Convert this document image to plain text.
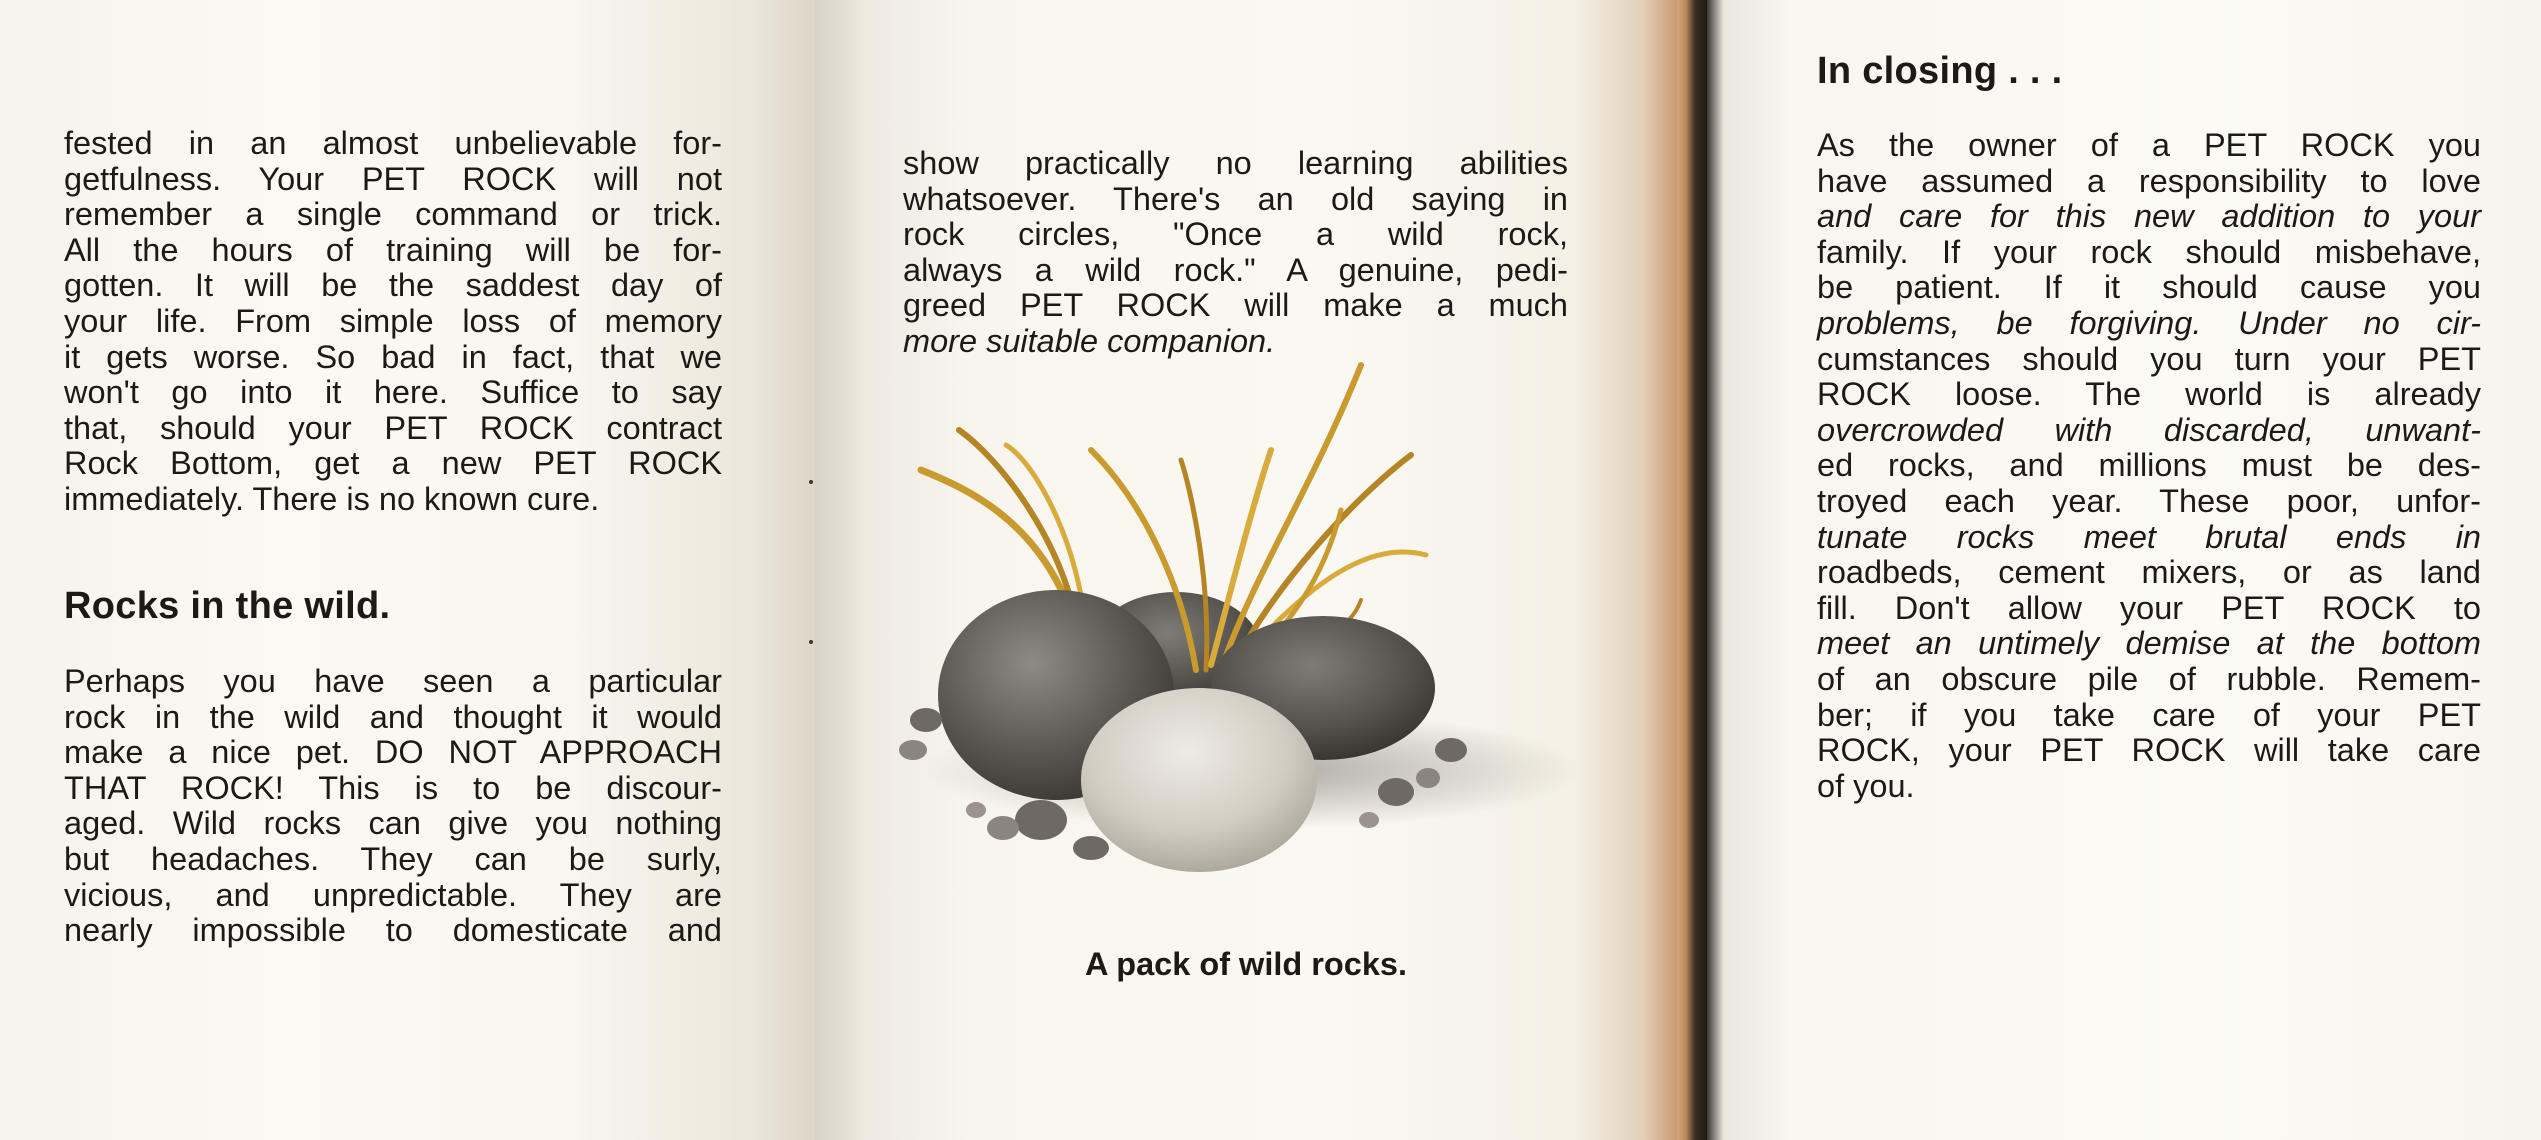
fested in an almost unbelievable for-
getfulness. Your PET ROCK will not
remember a single command or trick.
All the hours of training will be for-
gotten. It will be the saddest day of
your life. From simple loss of memory
it gets worse. So bad in fact, that we
won't go into it here. Suffice to say
that, should your PET ROCK contract
Rock Bottom, get a new PET ROCK
immediately. There is no known cure.

Rocks in the wild.

Perhaps you have seen a particular
rock in the wild and thought it would
make a nice pet. DO NOT APPROACH
THAT ROCK! This is to be discour-
aged. Wild rocks can give you nothing
but headaches. They can be surly,
vicious, and unpredictable. They are
nearly impossible to domesticate and

show practically no learning abilities
whatsoever. There's an old saying in
rock circles, "Once a wild rock,
always a wild rock." A genuine, pedi-
greed PET ROCK will make a much
more suitable companion.

A pack of wild rocks.

In closing . . .

As the owner of a PET ROCK you
have assumed a responsibility to love
and care for this new addition to your
family. If your rock should misbehave,
be patient. If it should cause you
problems, be forgiving. Under no cir-
cumstances should you turn your PET
ROCK loose. The world is already
overcrowded with discarded, unwant-
ed rocks, and millions must be des-
troyed each year. These poor, unfor-
tunate rocks meet brutal ends in
roadbeds, cement mixers, or as land
fill. Don't allow your PET ROCK to
meet an untimely demise at the bottom
of an obscure pile of rubble. Remem-
ber; if you take care of your PET
ROCK, your PET ROCK will take care
of you.
